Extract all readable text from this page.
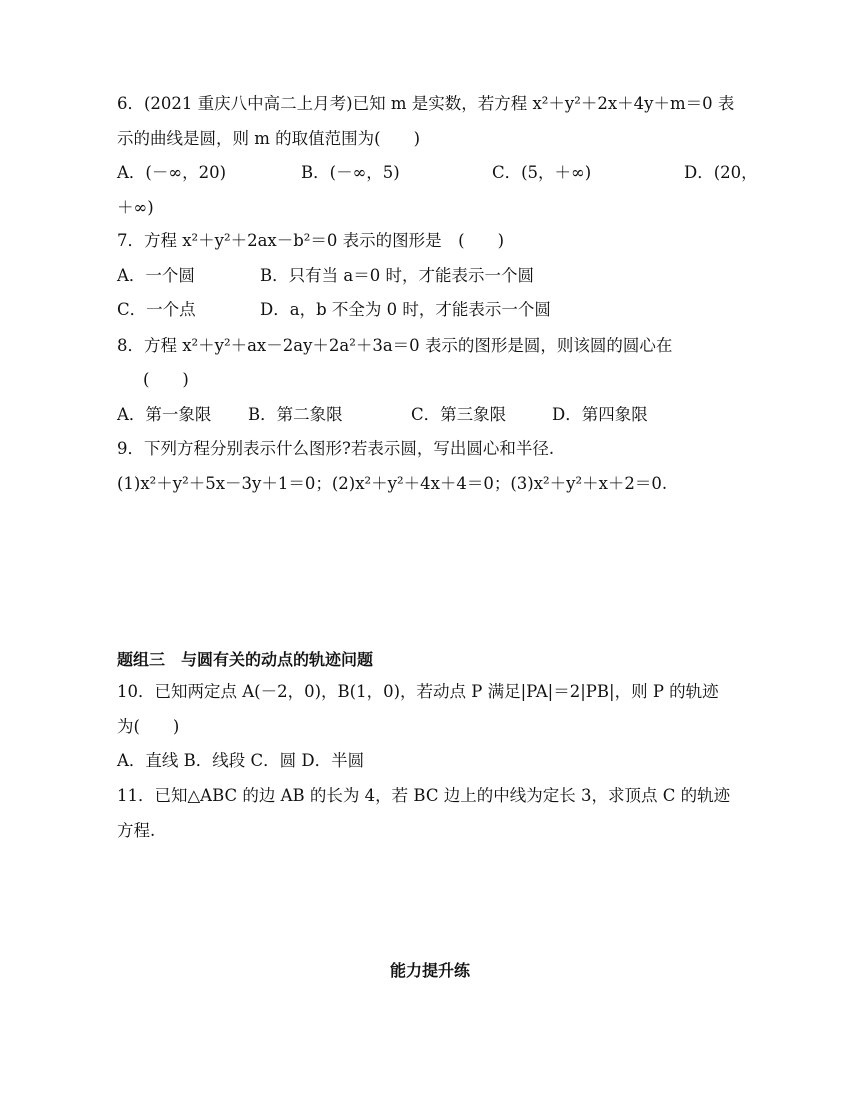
6．(2021 重庆八中高二上月考)已知 m 是实数，若方程 x²＋y²＋2x＋4y＋m＝0 表
示的曲线是圆，则 m 的取值范围为(　　)
A．(－∞，20)	B．(－∞，5)	C．(5，＋∞)	D．(20，
＋∞)
7．方程 x²＋y²＋2ax－b²＝0 表示的图形是　(　　)
A．一个圆	B．只有当 a＝0 时，才能表示一个圆
C．一个点	D．a，b 不全为 0 时，才能表示一个圆
8．方程 x²＋y²＋ax－2ay＋2a²＋3a＝0 表示的图形是圆，则该圆的圆心在
(　　)
A．第一象限 B．第二象限	C．第三象限	D．第四象限
9．下列方程分别表示什么图形?若表示圆，写出圆心和半径.
(1)x²＋y²＋5x－3y＋1＝0；(2)x²＋y²＋4x＋4＝0；(3)x²＋y²＋x＋2＝0.
题组三　与圆有关的动点的轨迹问题
10．已知两定点 A(－2，0)，B(1，0)，若动点 P 满足|PA|＝2|PB|，则 P 的轨迹
为(　　)
A．直线 B．线段 C．圆 D．半圆
11．已知△ABC 的边 AB 的长为 4，若 BC 边上的中线为定长 3，求顶点 C 的轨迹
方程.
能力提升练
